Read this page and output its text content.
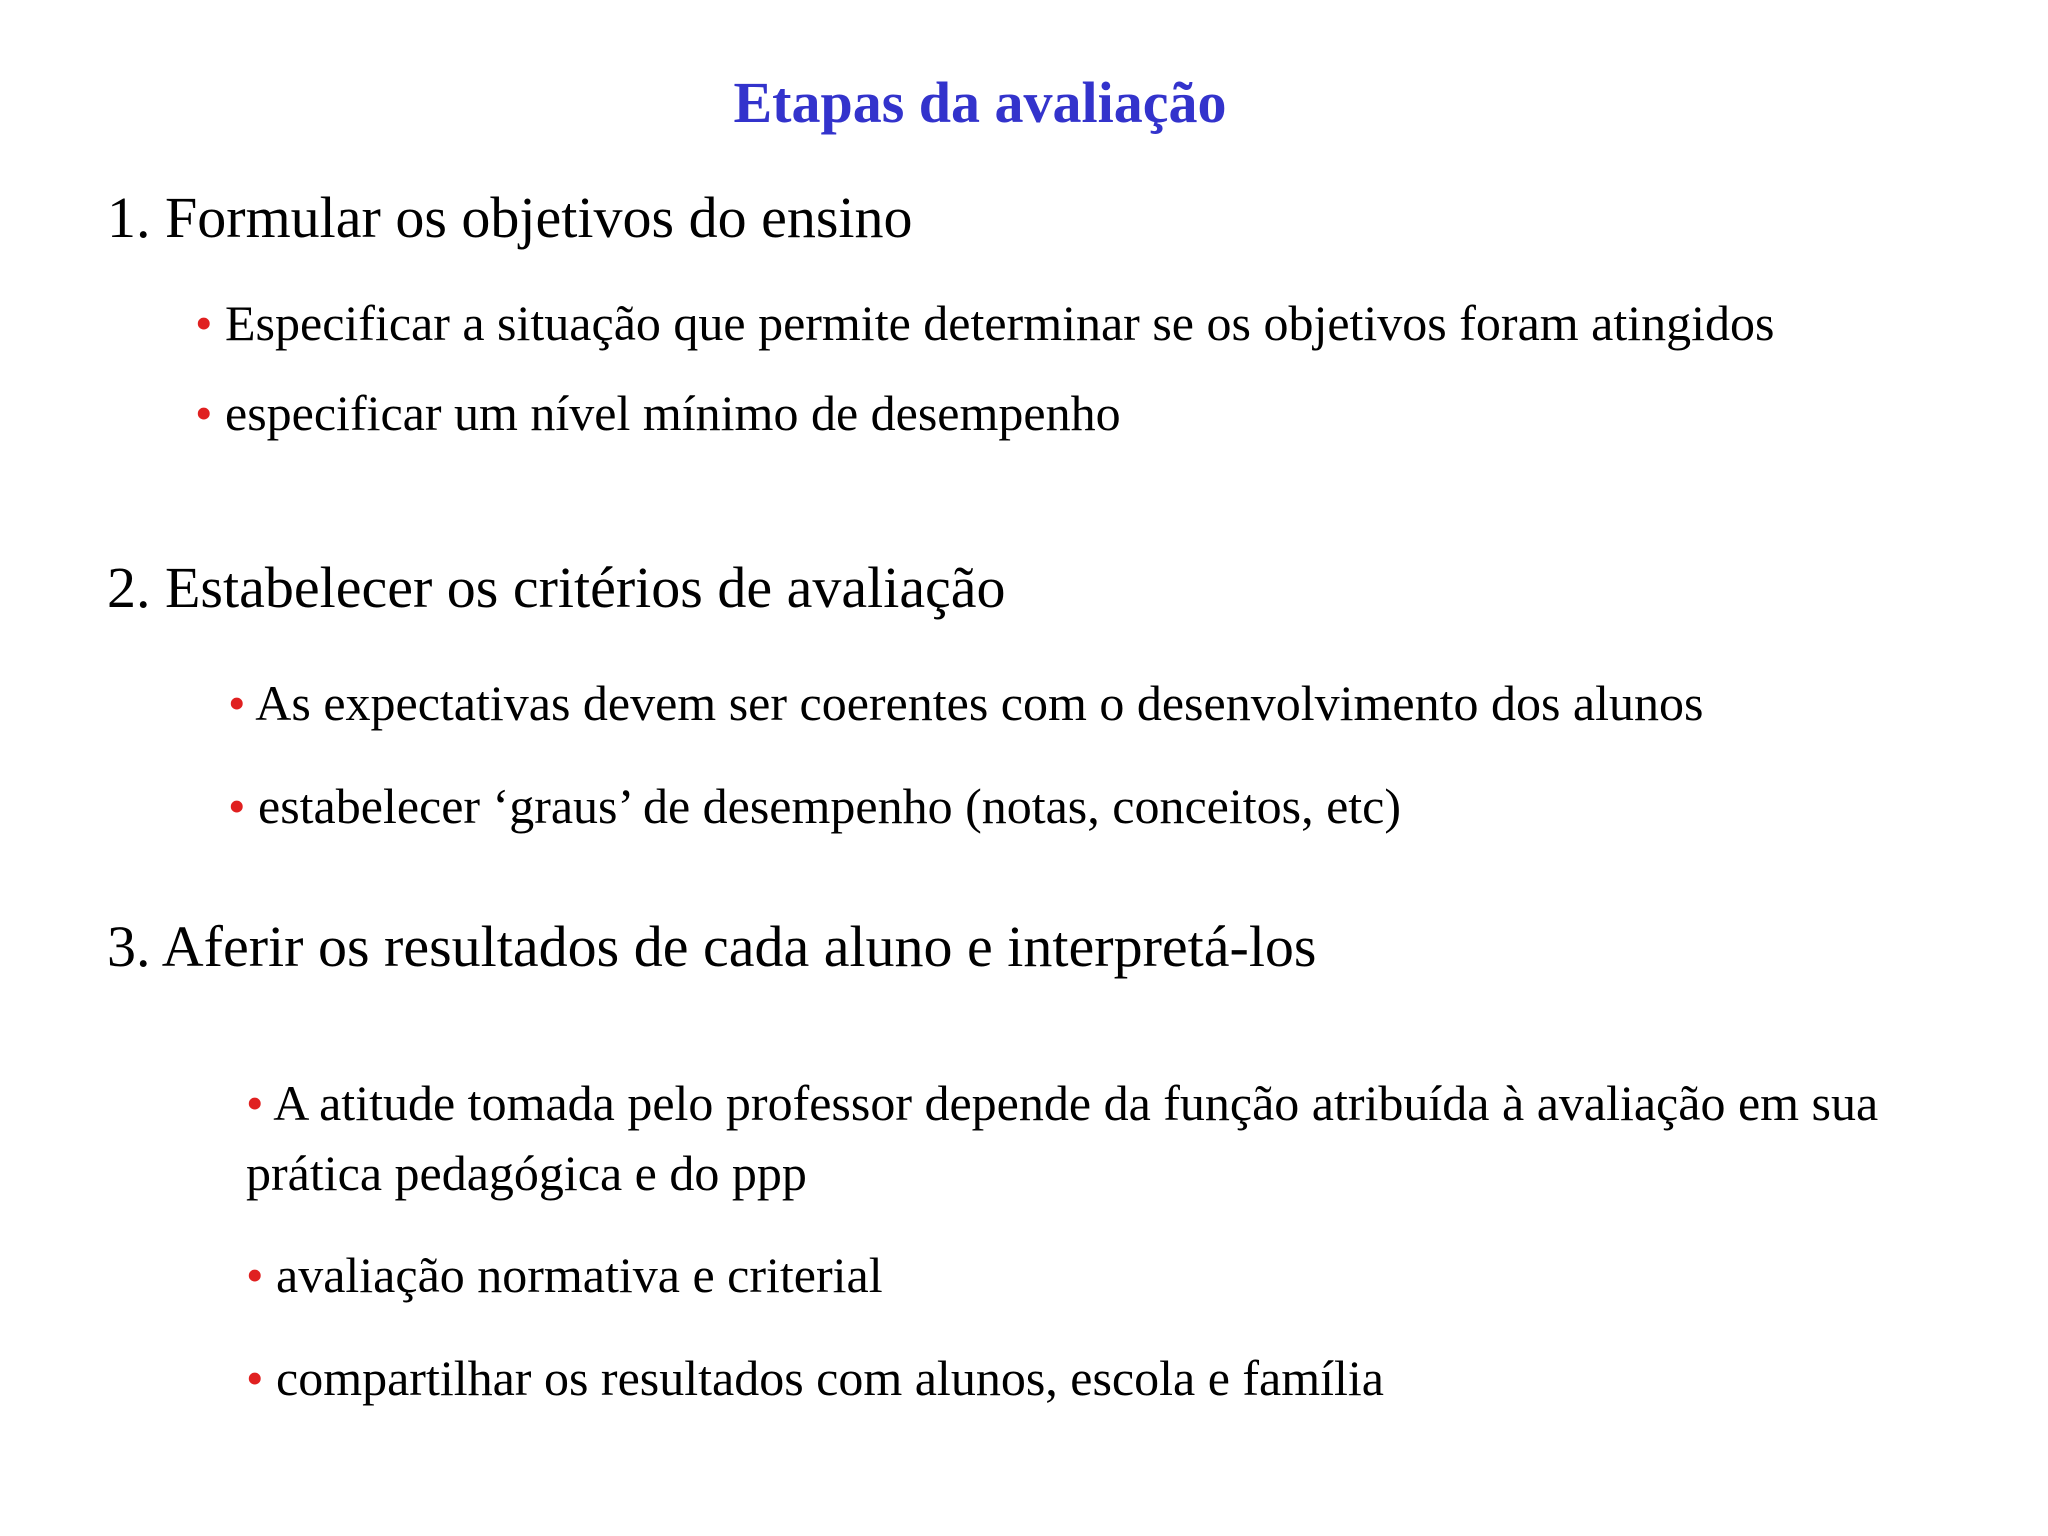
Etapas da avaliação
1. Formular os objetivos do ensino
• Especificar a situação que permite determinar se os objetivos foram atingidos
• especificar um nível mínimo de desempenho
2. Estabelecer os critérios de avaliação
• As expectativas devem ser coerentes com o desenvolvimento dos alunos
• estabelecer ‘graus’ de desempenho (notas, conceitos, etc)
3. Aferir os resultados de cada aluno e interpretá-los
• A atitude tomada pelo professor depende da função atribuída à avaliação em sua prática pedagógica e do ppp
• avaliação normativa e criterial
• compartilhar os resultados com alunos, escola e família
